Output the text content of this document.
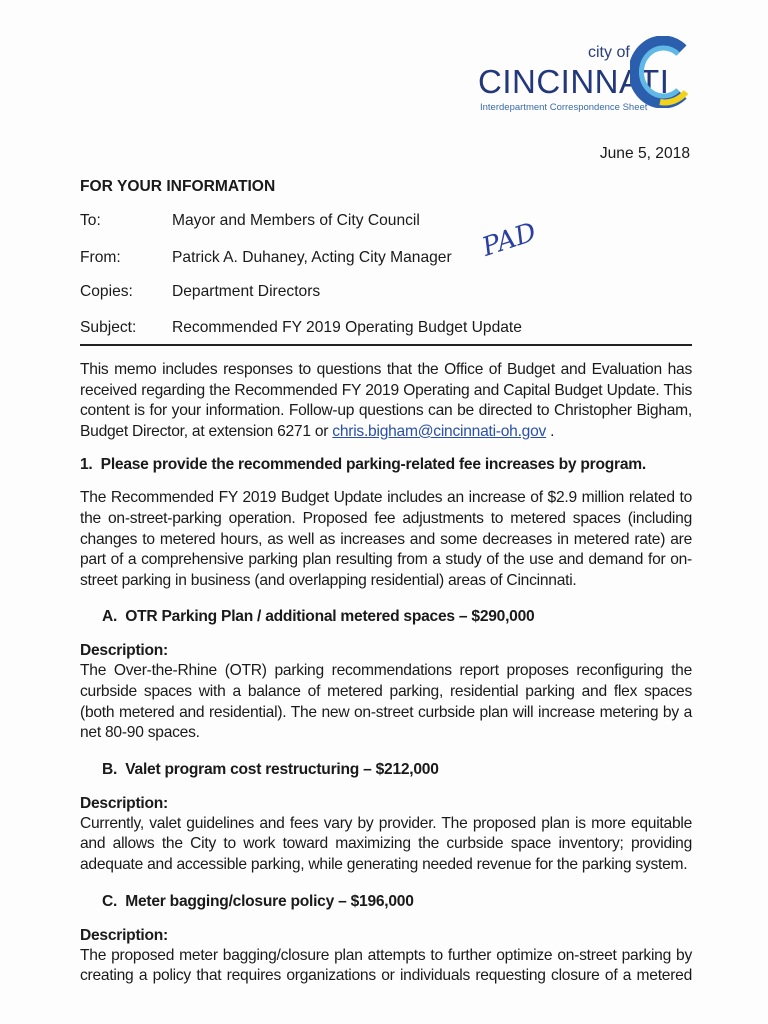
city of
CINCINNATI
Interdepartment Correspondence Sheet
June 5, 2018
FOR YOUR INFORMATION
To:	Mayor and Members of City Council
From:	Patrick A. Duhaney, Acting City Manager PAD
Copies:	Department Directors
Subject: Recommended FY 2019 Operating Budget Update

This memo includes responses to questions that the Office of Budget and Evaluation has received regarding the Recommended FY 2019 Operating and Capital Budget Update. This content is for your information. Follow-up questions can be directed to Christopher Bigham, Budget Director, at extension 6271 or chris.bigham@cincinnati-oh.gov .

1.  Please provide the recommended parking-related fee increases by program.

The Recommended FY 2019 Budget Update includes an increase of $2.9 million related to the on-street-parking operation. Proposed fee adjustments to metered spaces (including changes to metered hours, as well as increases and some decreases in metered rate) are part of a comprehensive parking plan resulting from a study of the use and demand for on-street parking in business (and overlapping residential) areas of Cincinnati.

A.  OTR Parking Plan / additional metered spaces – $290,000
Description:

The Over-the-Rhine (OTR) parking recommendations report proposes reconfiguring the curbside spaces with a balance of metered parking, residential parking and flex spaces (both metered and residential). The new on-street curbside plan will increase metering by a net 80-90 spaces.

B.  Valet program cost restructuring – $212,000
Description:

Currently, valet guidelines and fees vary by provider. The proposed plan is more equitable and allows the City to work toward maximizing the curbside space inventory; providing adequate and accessible parking, while generating needed revenue for the parking system.

C.  Meter bagging/closure policy – $196,000
Description:

The proposed meter bagging/closure plan attempts to further optimize on-street parking by creating a policy that requires organizations or individuals requesting closure of a metered
